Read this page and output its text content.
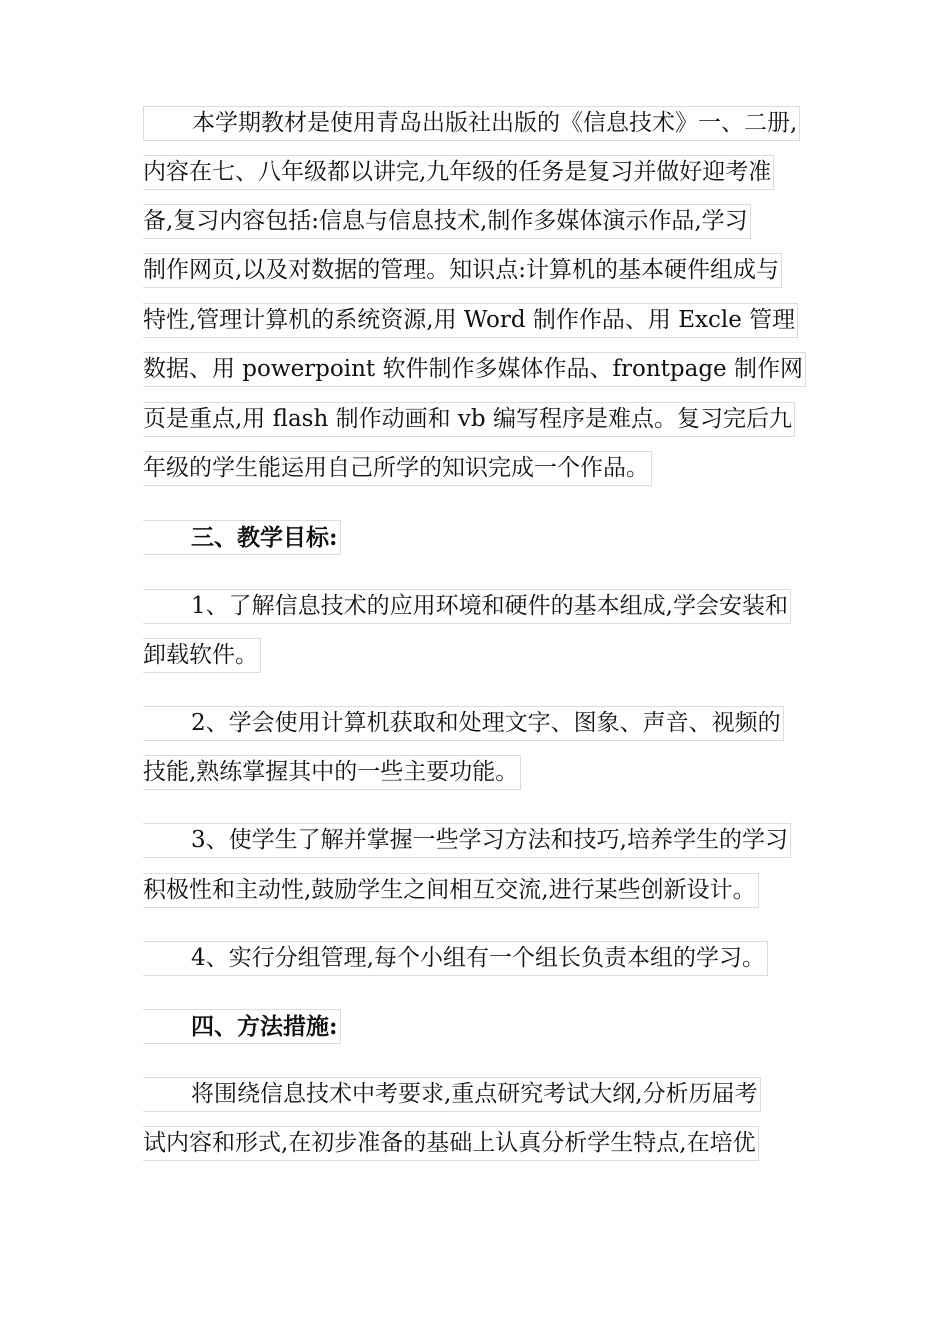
本学期教材是使用青岛出版社出版的《信息技术》一、二册,
内容在七、八年级都以讲完,九年级的任务是复习并做好迎考准
备,复习内容包括:信息与信息技术,制作多媒体演示作品,学习
制作网页,以及对数据的管理。知识点:计算机的基本硬件组成与
特性,管理计算机的系统资源,用 Word 制作作品、用 Excle 管理
数据、用 powerpoint 软件制作多媒体作品、frontpage 制作网
页是重点,用 flash 制作动画和 vb 编写程序是难点。复习完后九
年级的学生能运用自己所学的知识完成一个作品。
三、教学目标:
1、了解信息技术的应用环境和硬件的基本组成,学会安装和
卸载软件。
2、学会使用计算机获取和处理文字、图象、声音、视频的
技能,熟练掌握其中的一些主要功能。
3、使学生了解并掌握一些学习方法和技巧,培养学生的学习
积极性和主动性,鼓励学生之间相互交流,进行某些创新设计。
4、实行分组管理,每个小组有一个组长负责本组的学习。
四、方法措施:
将围绕信息技术中考要求,重点研究考试大纲,分析历届考
试内容和形式,在初步准备的基础上认真分析学生特点,在培优
